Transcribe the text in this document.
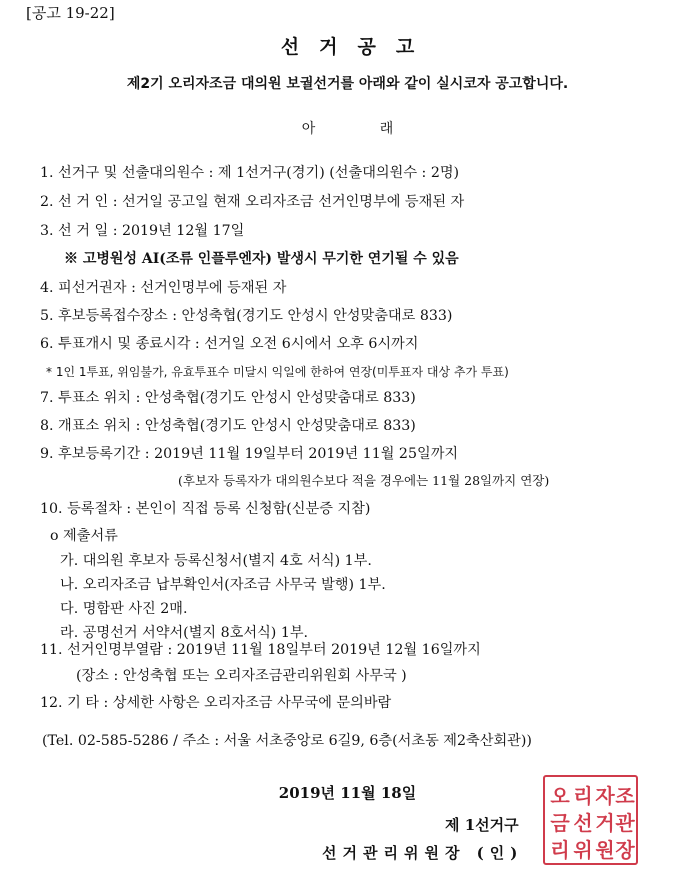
[공고 19-22]
선거공고
제2기 오리자조금 대의원 보궐선거를 아래와 같이 실시코자 공고합니다.
아 래
1. 선거구 및 선출대의원수 : 제 1선거구(경기) (선출대의원수 : 2명)
2. 선 거 인 : 선거일 공고일 현재 오리자조금 선거인명부에 등재된 자
3. 선 거 일 : 2019년 12월 17일
※ 고병원성 AI(조류 인플루엔자) 발생시 무기한 연기될 수 있음
4. 피선거권자 : 선거인명부에 등재된 자
5. 후보등록접수장소 : 안성축협(경기도 안성시 안성맞춤대로 833)
6. 투표개시 및 종료시각 : 선거일 오전 6시에서 오후 6시까지
* 1인 1투표, 위임불가, 유효투표수 미달시 익일에 한하여 연장(미투표자 대상 추가 투표)
7. 투표소 위치 : 안성축협(경기도 안성시 안성맞춤대로 833)
8. 개표소 위치 : 안성축협(경기도 안성시 안성맞춤대로 833)
9. 후보등록기간 : 2019년 11월 19일부터 2019년 11월 25일까지
(후보자 등록자가 대의원수보다 적을 경우에는 11월 28일까지 연장)
10. 등록절차 : 본인이 직접 등록 신청함(신분증 지참)
o 제출서류
가. 대의원 후보자 등록신청서(별지 4호 서식) 1부.
나. 오리자조금 납부확인서(자조금 사무국 발행) 1부.
다. 명함판 사진 2매.
라. 공명선거 서약서(별지 8호서식) 1부.
11. 선거인명부열람 : 2019년 11월 18일부터 2019년 12월 16일까지
(장소 : 안성축협 또는 오리자조금관리위원회 사무국 )
12. 기 타 : 상세한 사항은 오리자조금 사무국에 문의바람
(Tel. 02-585-5286 / 주소 : 서울 서초중앙로 6길9, 6층(서초동 제2축산회관))
2019년 11월 18일
제 1선거구
선거관리위원장 (인)
오 리 자 조
금 선 거 관
리 위 원 장
